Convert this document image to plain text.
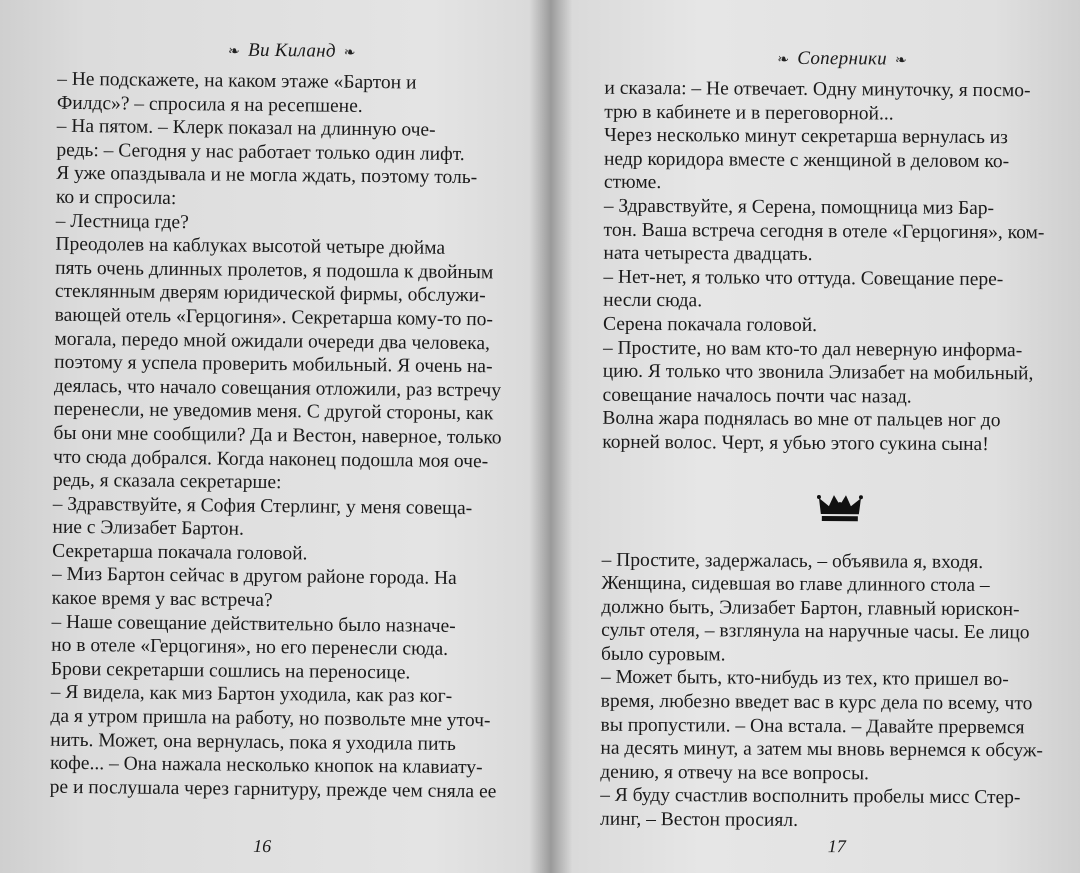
❧ Ви Киланд ❧
– Не подскажете, на каком этаже «Бартон и
Филдс»? – спросила я на ресепшене.
– На пятом. – Клерк показал на длинную оче-
редь: – Сегодня у нас работает только один лифт.
Я уже опаздывала и не могла ждать, поэтому толь-
ко и спросила:
– Лестница где?
Преодолев на каблуках высотой четыре дюйма
пять очень длинных пролетов, я подошла к двойным
стеклянным дверям юридической фирмы, обслужи-
вающей отель «Герцогиня». Секретарша кому-то по-
могала, передо мной ожидали очереди два человека,
поэтому я успела проверить мобильный. Я очень на-
деялась, что начало совещания отложили, раз встречу
перенесли, не уведомив меня. С другой стороны, как
бы они мне сообщили? Да и Вестон, наверное, только
что сюда добрался. Когда наконец подошла моя оче-
редь, я сказала секретарше:
– Здравствуйте, я София Стерлинг, у меня совеща-
ние с Элизабет Бартон.
Секретарша покачала головой.
– Миз Бартон сейчас в другом районе города. На
какое время у вас встреча?
– Наше совещание действительно было назначе-
но в отеле «Герцогиня», но его перенесли сюда.
Брови секретарши сошлись на переносице.
– Я видела, как миз Бартон уходила, как раз ког-
да я утром пришла на работу, но позвольте мне уточ-
нить. Может, она вернулась, пока я уходила пить
кофе... – Она нажала несколько кнопок на клавиату-
ре и послушала через гарнитуру, прежде чем сняла ее
16
❧ Соперники ❧
и сказала: – Не отвечает. Одну минуточку, я посмо-
трю в кабинете и в переговорной...
Через несколько минут секретарша вернулась из
недр коридора вместе с женщиной в деловом ко-
стюме.
– Здравствуйте, я Серена, помощница миз Бар-
тон. Ваша встреча сегодня в отеле «Герцогиня», ком-
ната четыреста двадцать.
– Нет-нет, я только что оттуда. Совещание пере-
несли сюда.
Серена покачала головой.
– Простите, но вам кто-то дал неверную информа-
цию. Я только что звонила Элизабет на мобильный,
совещание началось почти час назад.
Волна жара поднялась во мне от пальцев ног до
корней волос. Черт, я убью этого сукина сына!
– Простите, задержалась, – объявила я, входя.
Женщина, сидевшая во главе длинного стола –
должно быть, Элизабет Бартон, главный юрискон-
сульт отеля, – взглянула на наручные часы. Ее лицо
было суровым.
– Может быть, кто-нибудь из тех, кто пришел во-
время, любезно введет вас в курс дела по всему, что
вы пропустили. – Она встала. – Давайте прервемся
на десять минут, а затем мы вновь вернемся к обсуж-
дению, я отвечу на все вопросы.
– Я буду счастлив восполнить пробелы мисс Стер-
линг, – Вестон просиял.
17
